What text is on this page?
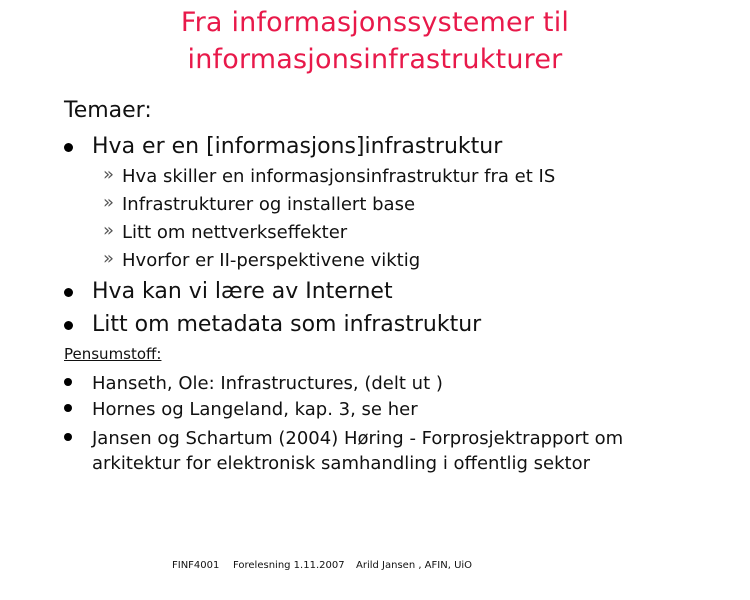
Fra informasjonssystemer til
informasjonsinfrastrukturer
Temaer:
Hva er en [informasjons]infrastruktur
» Hva skiller en informasjonsinfrastruktur fra et IS
» Infrastrukturer og installert base
» Litt om nettverkseffekter
» Hvorfor er II-perspektivene viktig
Hva kan vi lære av Internet
Litt om metadata som infrastruktur
Pensumstoff:
Hanseth, Ole: Infrastructures, (delt ut )
Hornes og Langeland, kap. 3, se her
Jansen og Schartum (2004) Høring - Forprosjektrapport om
arkitektur for elektronisk samhandling i offentlig sektor
FINF4001 Forelesning 1.11.2007 Arild Jansen , AFIN, UiO
